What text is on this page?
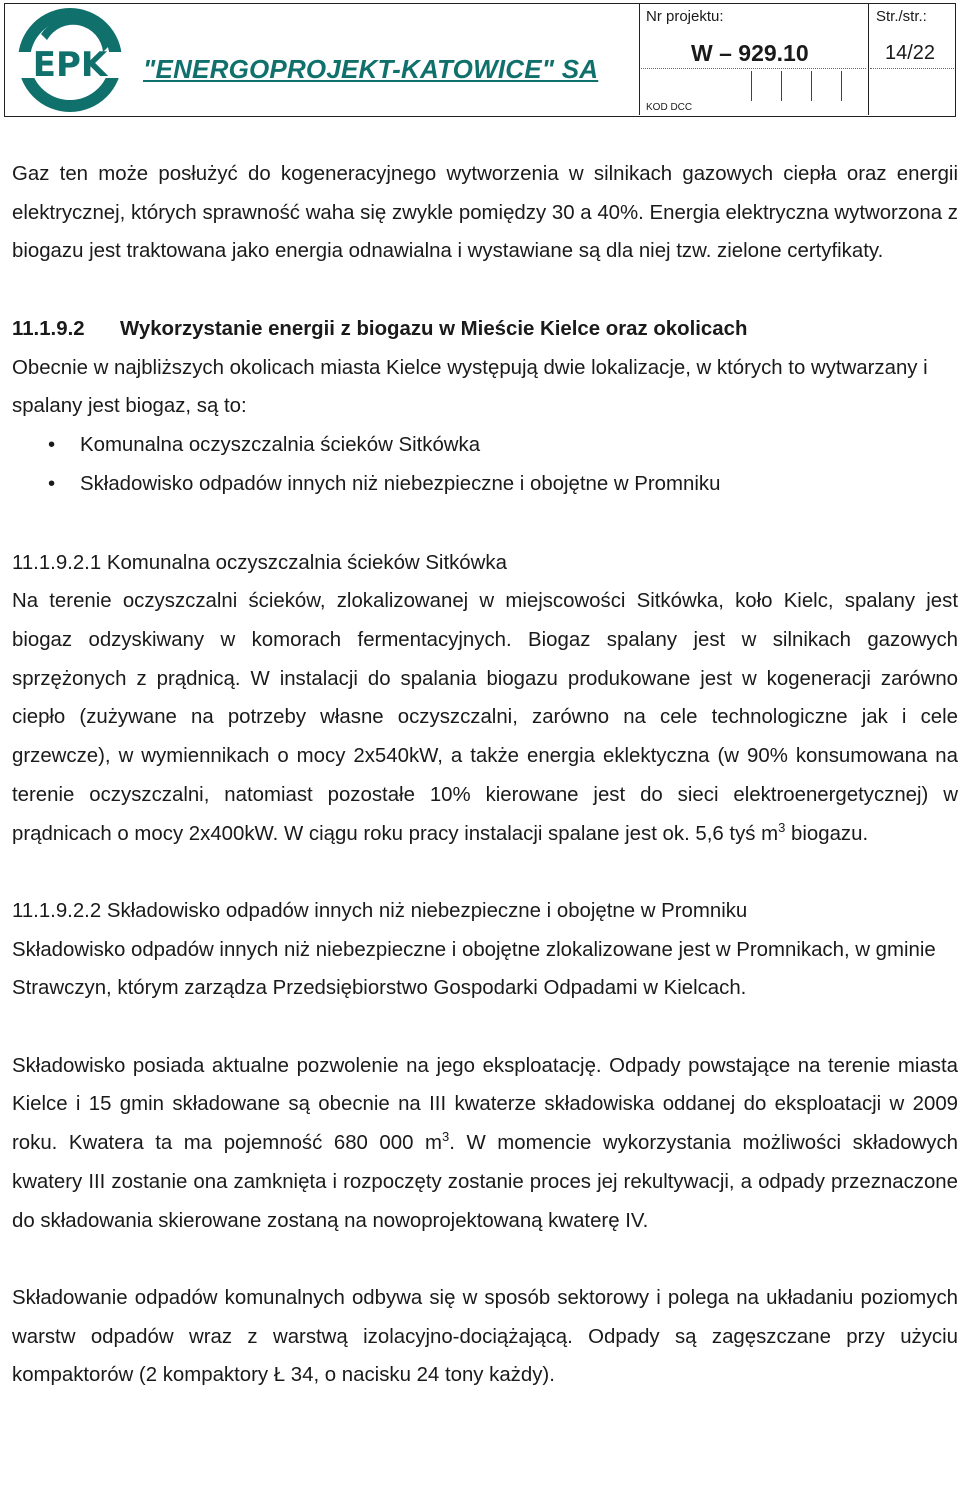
EPK "ENERGOPROJEKT-KATOWICE" SA
Nr projektu:
W – 929.10
Str./str.:
14/22
KOD DCC

Gaz ten może posłużyć do kogeneracyjnego wytworzenia w silnikach gazowych ciepła oraz energii elektrycznej, których sprawność waha się zwykle pomiędzy 30 a 40%. Energia elektryczna wytworzona z biogazu jest traktowana jako energia odnawialna i wystawiane są dla niej tzw. zielone certyfikaty.

11.1.9.2 Wykorzystanie energii z biogazu w Mieście Kielce oraz okolicach

Obecnie w najbliższych okolicach miasta Kielce występują dwie lokalizacje, w których to wytwarzany i spalany jest biogaz, są to:

• Komunalna oczyszczalnia ścieków Sitkówka
• Składowisko odpadów innych niż niebezpieczne i obojętne w Promniku

11.1.9.2.1 Komunalna oczyszczalnia ścieków Sitkówka

Na terenie oczyszczalni ścieków, zlokalizowanej w miejscowości Sitkówka, koło Kielc, spalany jest biogaz odzyskiwany w komorach fermentacyjnych. Biogaz spalany jest w silnikach gazowych sprzężonych z prądnicą. W instalacji do spalania biogazu produkowane jest w kogeneracji zarówno ciepło (zużywane na potrzeby własne oczyszczalni, zarówno na cele technologiczne jak i cele grzewcze), w wymiennikach o mocy 2x540kW, a także energia eklektyczna (w 90% konsumowana na terenie oczyszczalni, natomiast pozostałe 10% kierowane jest do sieci elektroenergetycznej) w prądnicach o mocy 2x400kW. W ciągu roku pracy instalacji spalane jest ok. 5,6 tyś $m^3$ biogazu.

11.1.9.2.2 Składowisko odpadów innych niż niebezpieczne i obojętne w Promniku

Składowisko odpadów innych niż niebezpieczne i obojętne zlokalizowane jest w Promnikach, w gminie Strawczyn, którym zarządza Przedsiębiorstwo Gospodarki Odpadami w Kielcach.

Składowisko posiada aktualne pozwolenie na jego eksploatację. Odpady powstające na terenie miasta Kielce i 15 gmin składowane są obecnie na III kwaterze składowiska oddanej do eksploatacji w 2009 roku. Kwatera ta ma pojemność 680 000 $m^3$. W momencie wykorzystania możliwości składowych kwatery III zostanie ona zamknięta i rozpoczęty zostanie proces jej rekultywacji, a odpady przeznaczone do składowania skierowane zostaną na nowoprojektowaną kwaterę IV.

Składowanie odpadów komunalnych odbywa się w sposób sektorowy i polega na układaniu poziomych warstw odpadów wraz z warstwą izolacyjno-dociążającą. Odpady są zagęszczane przy użyciu kompaktorów (2 kompaktory Ł 34, o nacisku 24 tony każdy).
